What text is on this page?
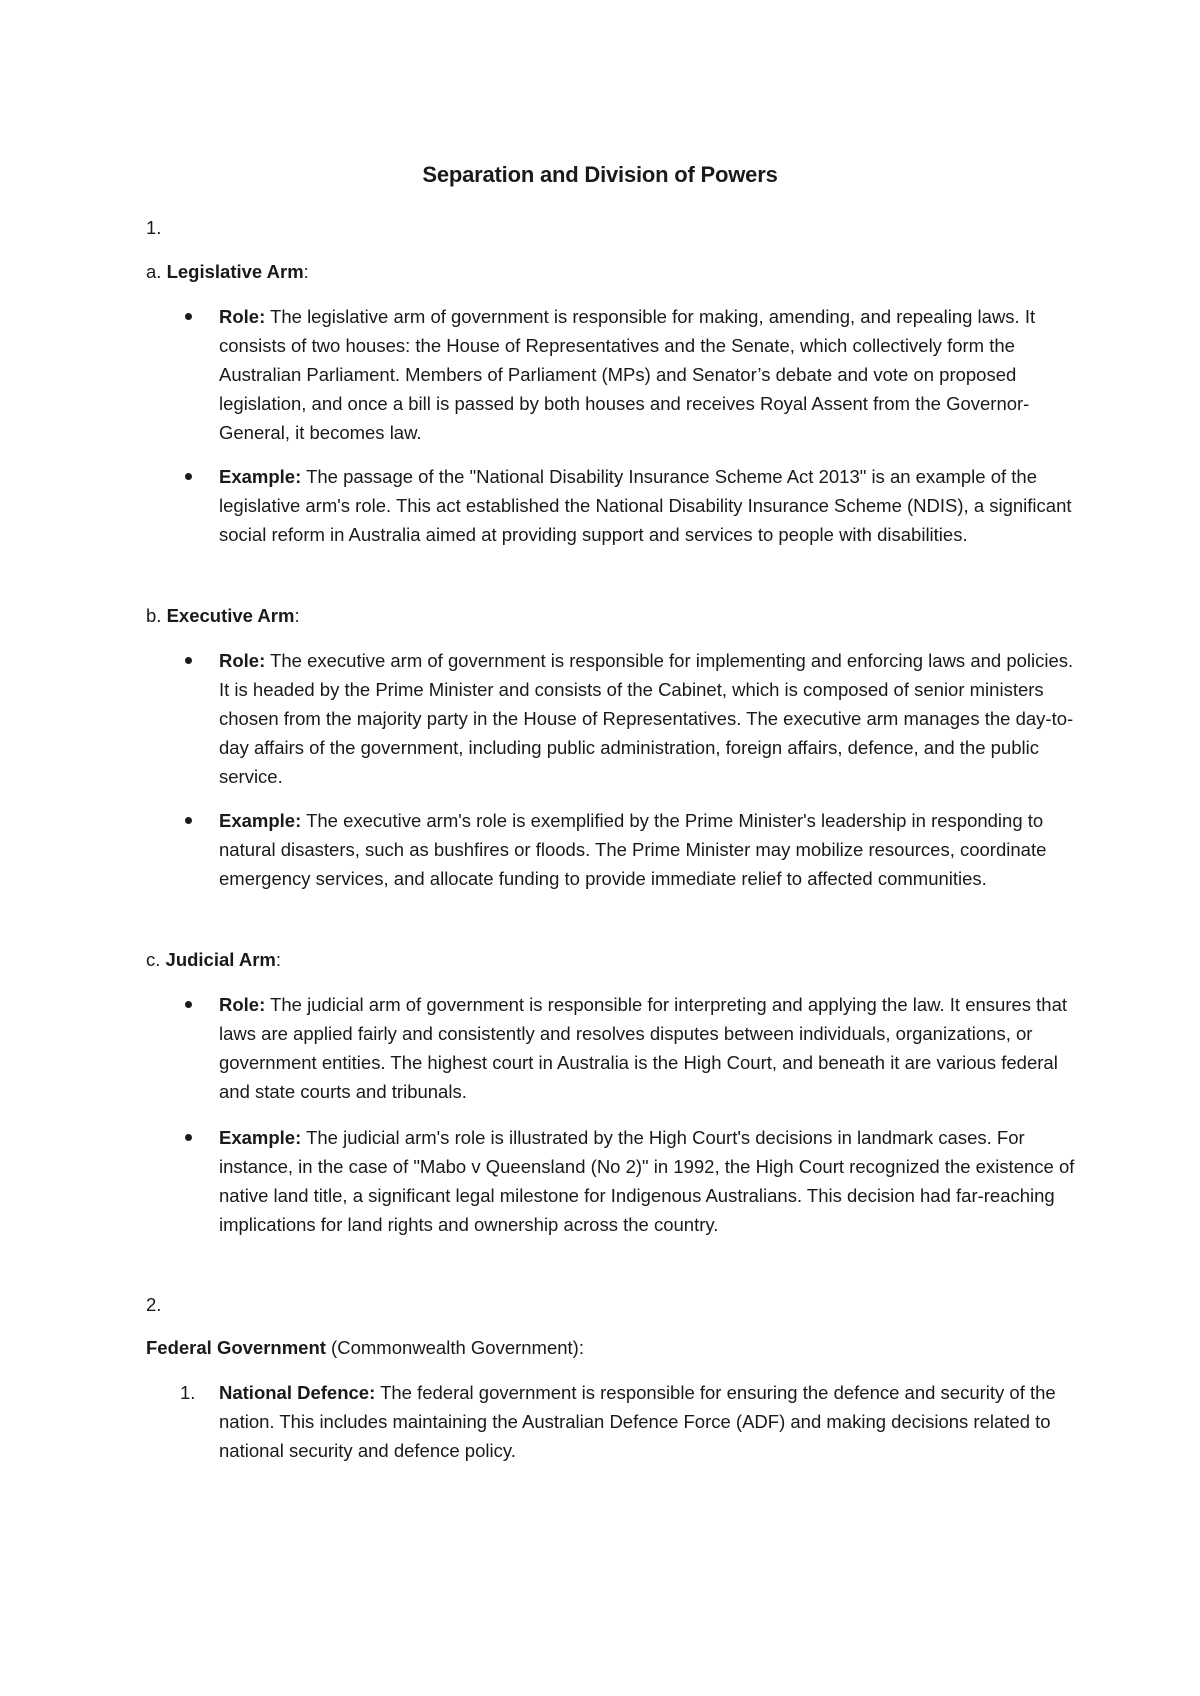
Separation and Division of Powers
1.
a. Legislative Arm:

Role: The legislative arm of government is responsible for making, amending, and repealing laws. It consists of two houses: the House of Representatives and the Senate, which collectively form the Australian Parliament. Members of Parliament (MPs) and Senator’s debate and vote on proposed legislation, and once a bill is passed by both houses and receives Royal Assent from the Governor-General, it becomes law.

Example: The passage of the "National Disability Insurance Scheme Act 2013" is an example of the legislative arm's role. This act established the National Disability Insurance Scheme (NDIS), a significant social reform in Australia aimed at providing support and services to people with disabilities.

b. Executive Arm:

Role: The executive arm of government is responsible for implementing and enforcing laws and policies. It is headed by the Prime Minister and consists of the Cabinet, which is composed of senior ministers chosen from the majority party in the House of Representatives. The executive arm manages the day-to-day affairs of the government, including public administration, foreign affairs, defence, and the public service.

Example: The executive arm's role is exemplified by the Prime Minister's leadership in responding to natural disasters, such as bushfires or floods. The Prime Minister may mobilize resources, coordinate emergency services, and allocate funding to provide immediate relief to affected communities.

c. Judicial Arm:

Role: The judicial arm of government is responsible for interpreting and applying the law. It ensures that laws are applied fairly and consistently and resolves disputes between individuals, organizations, or government entities. The highest court in Australia is the High Court, and beneath it are various federal and state courts and tribunals.

Example: The judicial arm's role is illustrated by the High Court's decisions in landmark cases. For instance, in the case of "Mabo v Queensland (No 2)" in 1992, the High Court recognized the existence of native land title, a significant legal milestone for Indigenous Australians. This decision had far-reaching implications for land rights and ownership across the country.

2.
Federal Government (Commonwealth Government):
1. National Defence: The federal government is responsible for ensuring the defence and security of the nation. This includes maintaining the Australian Defence Force (ADF) and making decisions related to national security and defence policy.
